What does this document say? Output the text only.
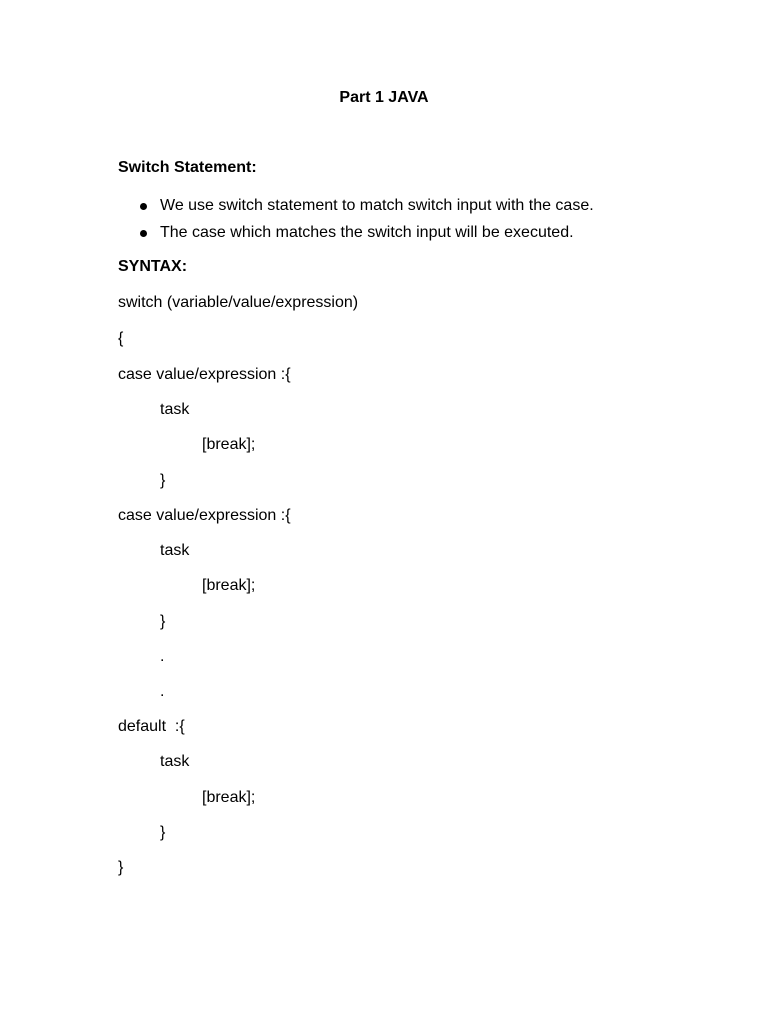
Part 1 JAVA
Switch Statement:
We use switch statement to match switch input with the case.
The case which matches the switch input will be executed.
SYNTAX:
switch (variable/value/expression)
{
case value/expression :{
task
[break];
}
case value/expression :{
task
[break];
}
.
.
default  :{
task
[break];
}
}
